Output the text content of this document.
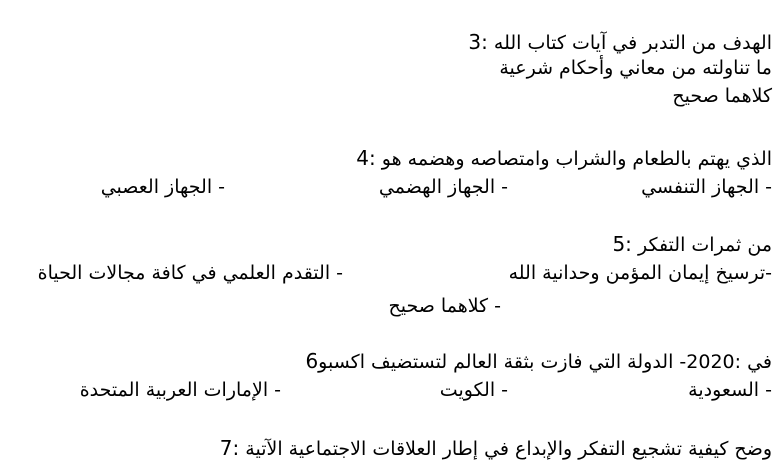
الهدف من التدبر في آيات كتاب الله 3:
ما تناولته من معاني وأحكام شرعية
كلاهما صحيح
الذي يهتم بالطعام والشراب وامتصاصه وهضمه هو 4:
- الجهاز التنفسي
- الجهاز الهضمي
- الجهاز العصبي
من ثمرات التفكر 5:
-ترسيخ إيمان المؤمن وحدانية الله
- التقدم العلمي في كافة مجالات الحياة
- كلاهما صحيح
في :2020- الدولة التي فازت بثقة العالم لتستضيف اكسبو6
- السعودية
- الكويت
- الإمارات العربية المتحدة
وضح كيفية تشجيع التفكر والإبداع في إطار العلاقات الاجتماعية الآتية 7:
